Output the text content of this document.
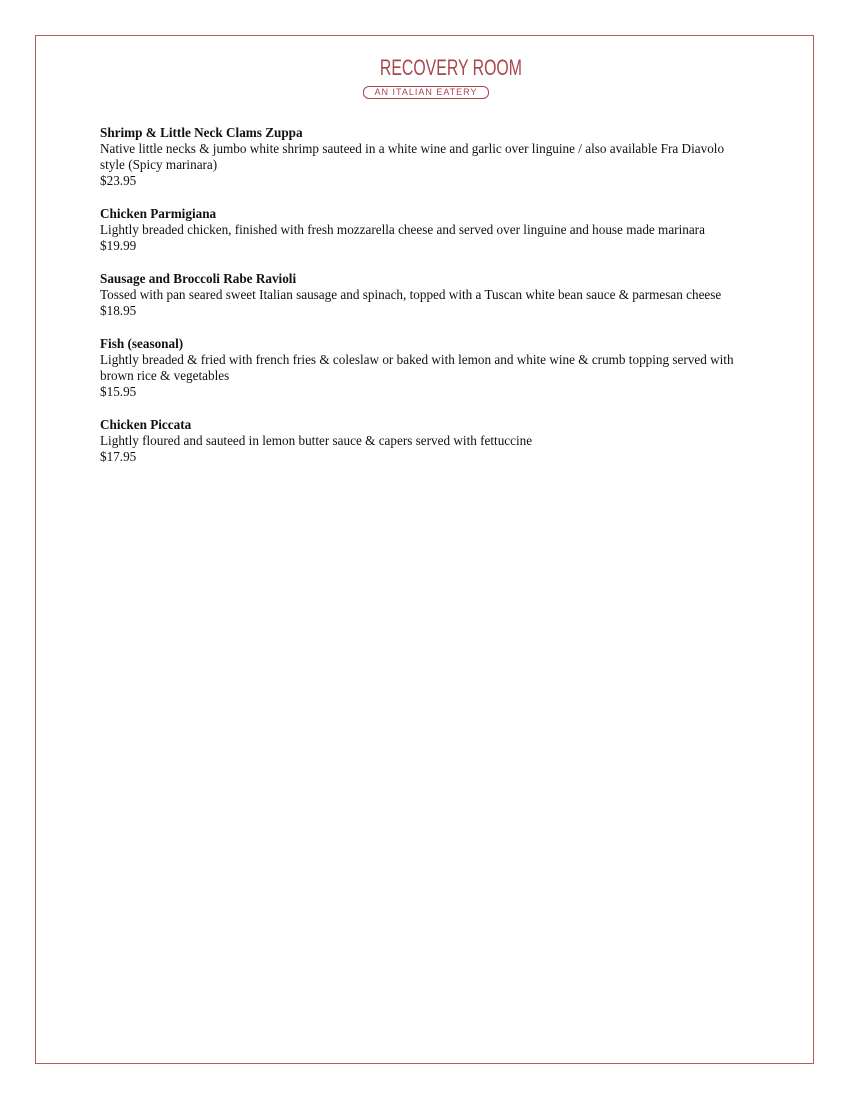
RECOVERY ROOM
AN ITALIAN EATERY
Shrimp & Little Neck Clams Zuppa
Native little necks & jumbo white shrimp sauteed in a white wine and garlic over linguine / also available Fra Diavolo style (Spicy marinara)
$23.95
Chicken Parmigiana
Lightly breaded chicken, finished with fresh mozzarella cheese and served over linguine and house made marinara
$19.99
Sausage and Broccoli Rabe Ravioli
Tossed with pan seared sweet Italian sausage and spinach, topped with a Tuscan white bean sauce & parmesan cheese
$18.95
Fish (seasonal)
Lightly breaded & fried with french fries & coleslaw or baked with lemon and white wine & crumb topping served with brown rice & vegetables
$15.95
Chicken Piccata
Lightly floured and sauteed in lemon butter sauce & capers served with fettuccine
$17.95
